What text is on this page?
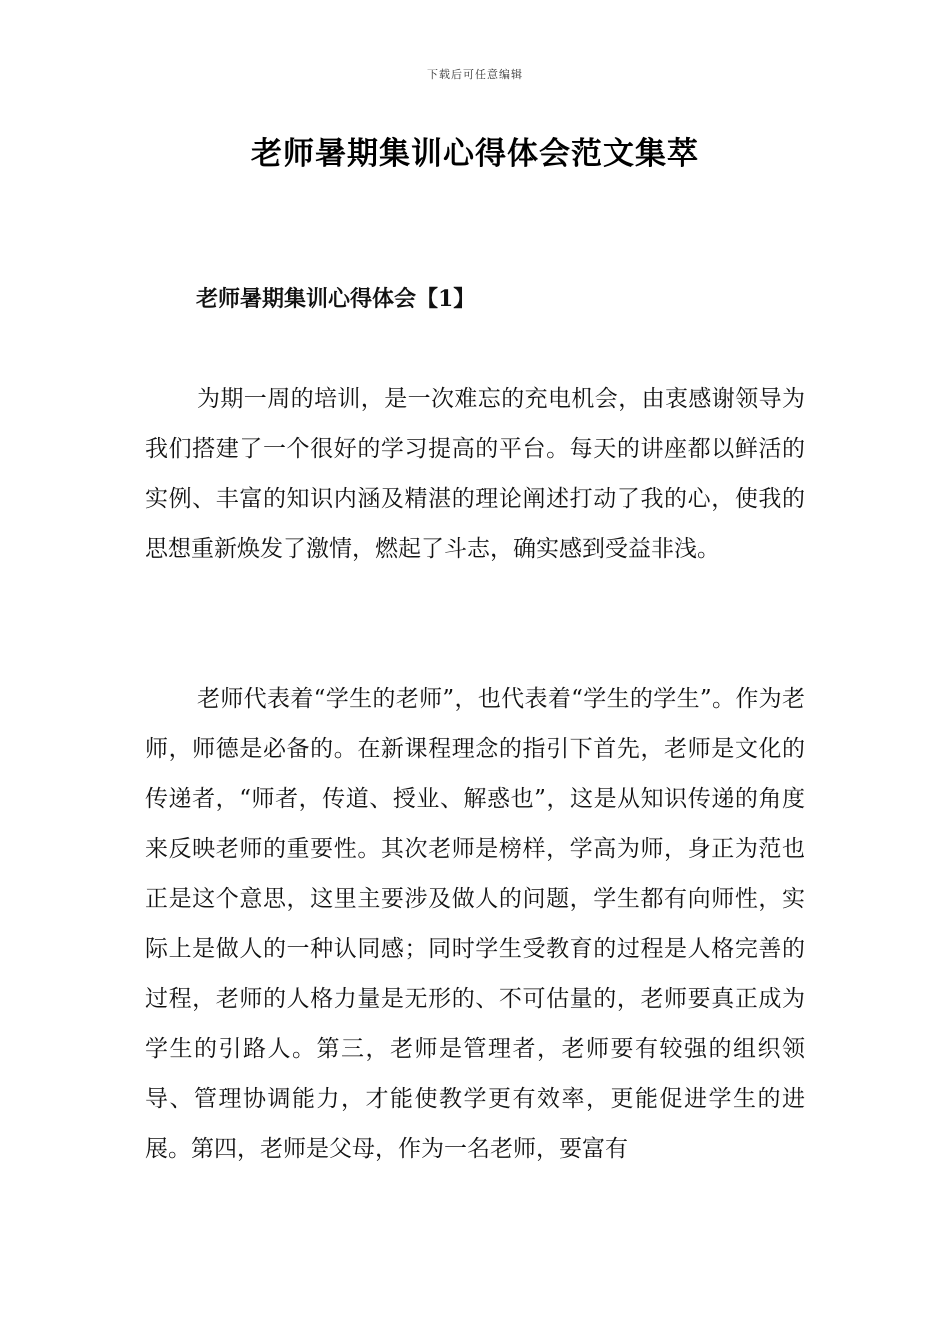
下载后可任意编辑
老师暑期集训心得体会范文集萃
老师暑期集训心得体会【1】

为期一周的培训，是一次难忘的充电机会，由衷感谢领导为我们搭建了一个很好的学习提高的平台。每天的讲座都以鲜活的实例、丰富的知识内涵及精湛的理论阐述打动了我的心，使我的思想重新焕发了激情，燃起了斗志，确实感到受益非浅。

老师代表着“学生的老师”，也代表着“学生的学生”。作为老师，师德是必备的。在新课程理念的指引下首先，老师是文化的传递者，“师者，传道、授业、解惑也”，这是从知识传递的角度来反映老师的重要性。其次老师是榜样，学高为师，身正为范也正是这个意思，这里主要涉及做人的问题，学生都有向师性，实际上是做人的一种认同感；同时学生受教育的过程是人格完善的过程，老师的人格力量是无形的、不可估量的，老师要真正成为学生的引路人。第三，老师是管理者，老师要有较强的组织领导、管理协调能力，才能使教学更有效率，更能促进学生的进展。第四，老师是父母，作为一名老师，要富有
